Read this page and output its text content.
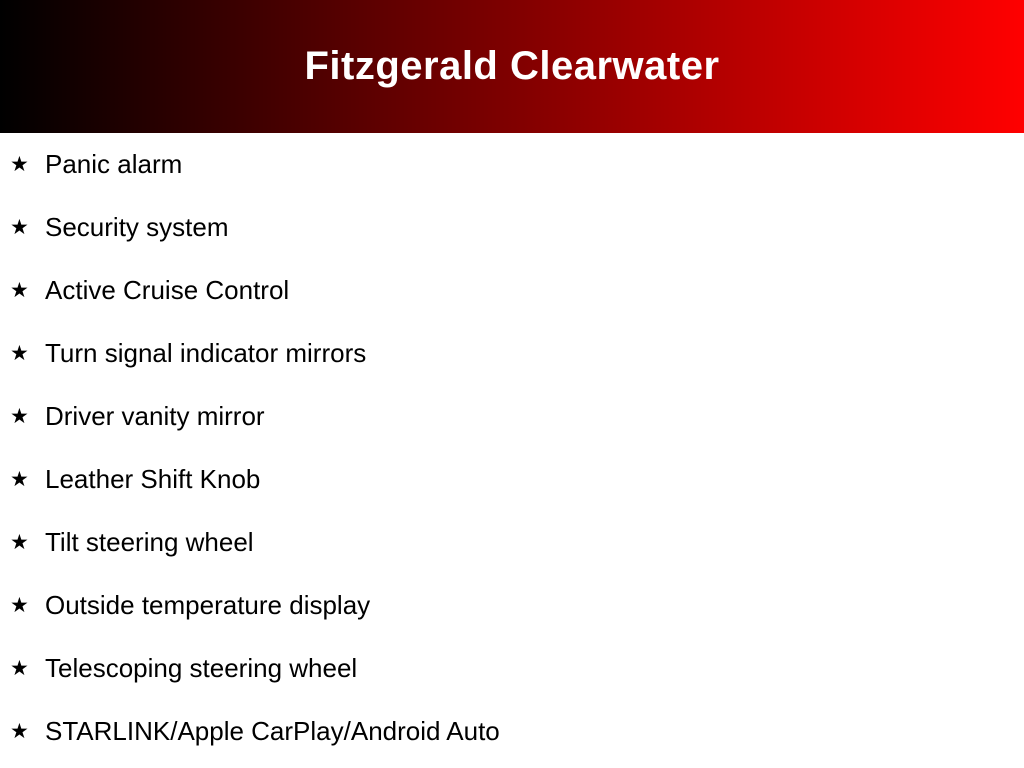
Fitzgerald Clearwater
★ Panic alarm
★ Security system
★ Active Cruise Control
★ Turn signal indicator mirrors
★ Driver vanity mirror
★ Leather Shift Knob
★ Tilt steering wheel
★ Outside temperature display
★ Telescoping steering wheel
★ STARLINK/Apple CarPlay/Android Auto
